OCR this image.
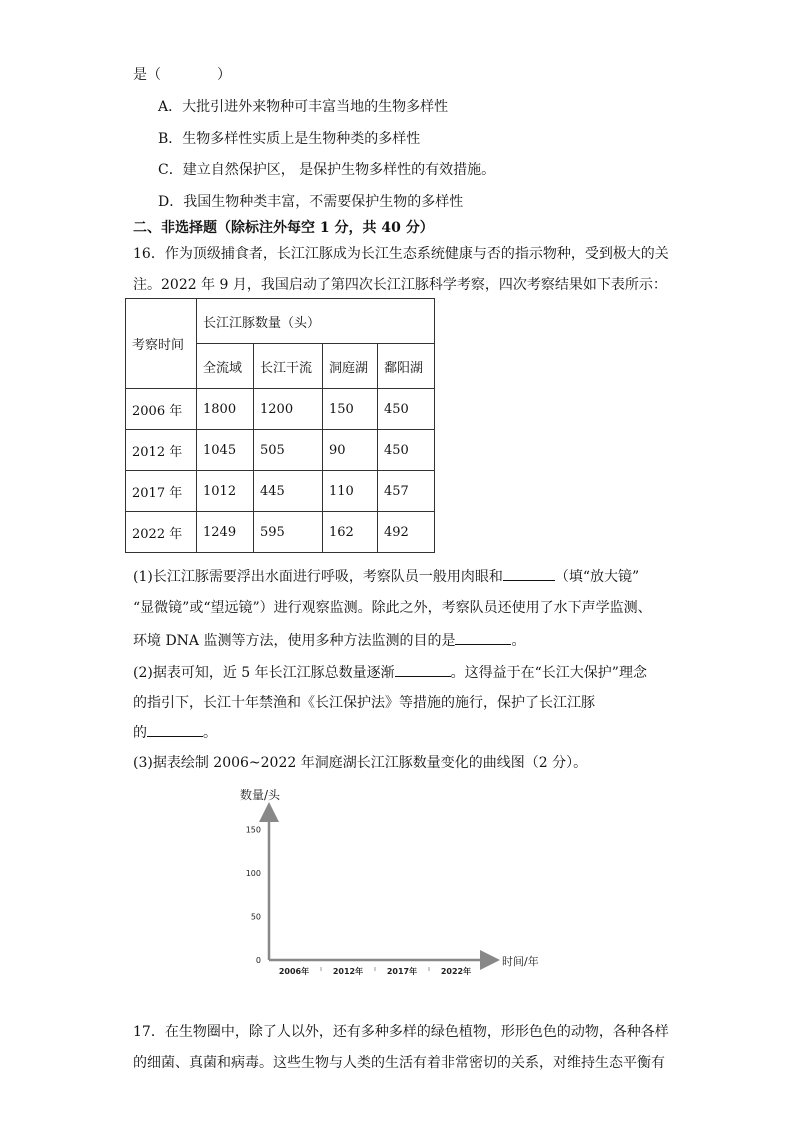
是（　　　　）
A．大批引进外来物种可丰富当地的生物多样性
B．生物多样性实质上是生物种类的多样性
C．建立自然保护区， 是保护生物多样性的有效措施。
D．我国生物种类丰富，不需要保护生物的多样性
二、非选择题（除标注外每空 1 分，共 40 分）
16．作为顶级捕食者，长江江豚成为长江生态系统健康与否的指示物种，受到极大的关
注。2022 年 9 月，我国启动了第四次长江江豚科学考察，四次考察结果如下表所示：
考察时间	长江江豚数量（头）			
	全流域	长江干流	洞庭湖	鄱阳湖
2006 年	1800	1200	150	450
2012 年	1045	505	90	450
2017 年	1012	445	110	457
2022 年	1249	595	162	492
(1)长江江豚需要浮出水面进行呼吸，考察队员一般用肉眼和	（填“放大镜”
“显微镜”或“望远镜”）进行观察监测。除此之外，考察队员还使用了水下声学监测、
环境 DNA 监测等方法，使用多种方法监测的目的是	。
(2)据表可知，近 5 年长江江豚总数量逐渐	。这得益于在“长江大保护”理念
的指引下，长江十年禁渔和《长江保护法》等措施的施行，保护了长江江豚
的	。
(3)据表绘制 2006~2022 年洞庭湖长江江豚数量变化的曲线图（2 分）。
数量/头
0
50
100
150
2006年	2012年	2017年	2022年
时间/年
17．在生物圈中，除了人以外，还有多种多样的绿色植物，形形色色的动物，各种各样
的细菌、真菌和病毒。这些生物与人类的生活有着非常密切的关系，对维持生态平衡有
